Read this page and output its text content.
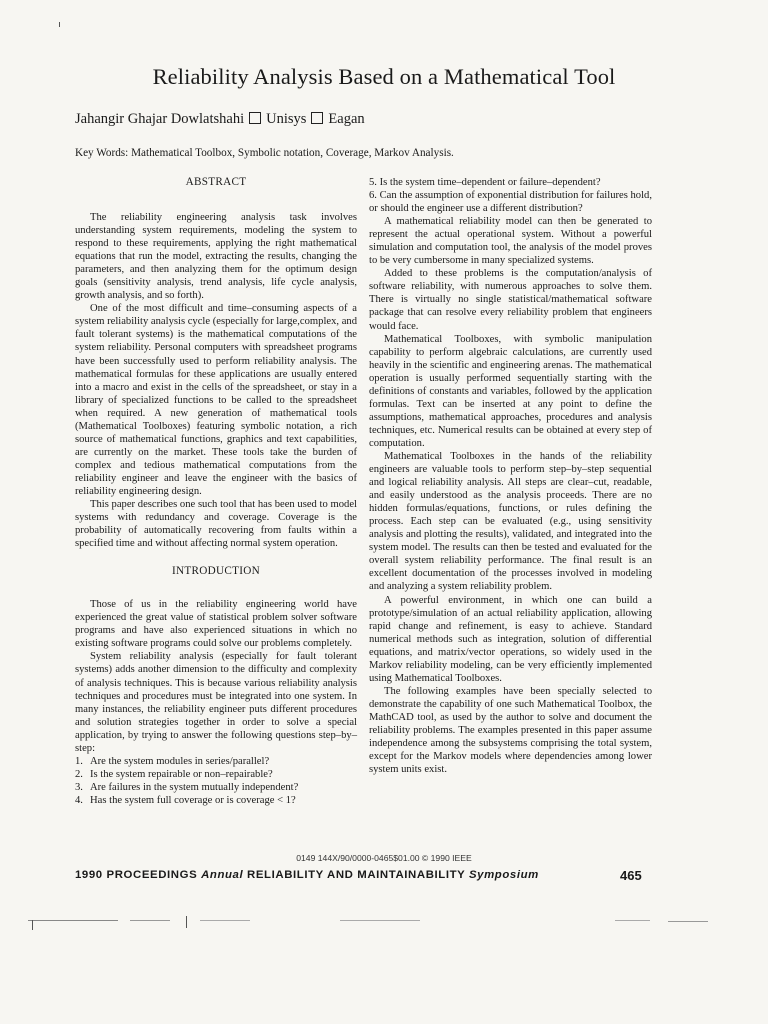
Reliability Analysis Based on a Mathematical Tool
Jahangir Ghajar Dowlatshahi Unisys Eagan
Key Words: Mathematical Toolbox, Symbolic notation, Coverage, Markov Analysis.
ABSTRACT

The reliability engineering analysis task involves understanding system requirements, modeling the system to respond to these requirements, applying the right mathematical equations that run the model, extracting the results, changing the parameters, and then analyzing them for the optimum design goals (sensitivity analysis, trend analysis, life cycle analysis, growth analysis, and so forth).

One of the most difficult and time–consuming aspects of a system reliability analysis cycle (especially for large,complex, and fault tolerant systems) is the mathematical computations of the system reliability. Personal computers with spreadsheet programs have been successfully used to perform reliability analysis. The mathematical formulas for these applications are usually entered into a macro and exist in the cells of the spreadsheet, or stay in a library of specialized functions to be called to the spreadsheet when required. A new generation of mathematical tools (Mathematical Toolboxes) featuring symbolic notation, a rich source of mathematical functions, graphics and text capabilities, are currently on the market. These tools take the burden of complex and tedious mathematical computations from the reliability engineer and leave the engineer with the basics of reliability engineering design.

This paper describes one such tool that has been used to model systems with redundancy and coverage. Coverage is the probability of automatically recovering from faults within a specified time and without affecting normal system operation.

INTRODUCTION

Those of us in the reliability engineering world have experienced the great value of statistical problem solver software programs and have also experienced situations in which no existing software programs could solve our problems completely.

System reliability analysis (especially for fault tolerant systems) adds another dimension to the difficulty and complexity of analysis techniques. This is because various reliability analysis techniques and procedures must be integrated into one system. In many instances, the reliability engineer puts different procedures and solution strategies together in order to solve a special application, by trying to answer the following questions step–by–step:

1. Are the system modules in series/parallel?
2. Is the system repairable or non–repairable?
3. Are failures in the system mutually independent?
4. Has the system full coverage or is coverage < 1?

5. Is the system time–dependent or failure–dependent?

6. Can the assumption of exponential distribution for failures hold, or should the engineer use a different distribution?

A mathematical reliability model can then be generated to represent the actual operational system. Without a powerful simulation and computation tool, the analysis of the model proves to be very cumbersome in many specialized systems.

Added to these problems is the computation/analysis of software reliability, with numerous approaches to solve them. There is virtually no single statistical/mathematical software package that can resolve every reliability problem that engineers would face.

Mathematical Toolboxes, with symbolic manipulation capability to perform algebraic calculations, are currently used heavily in the scientific and engineering arenas. The mathematical operation is usually performed sequentially starting with the definitions of constants and variables, followed by the application formulas. Text can be inserted at any point to define the assumptions, mathematical approaches, procedures and analysis techniques, etc. Numerical results can be obtained at every step of computation.

Mathematical Toolboxes in the hands of the reliability engineers are valuable tools to perform step–by–step sequential and logical reliability analysis. All steps are clear–cut, readable, and easily understood as the analysis proceeds. There are no hidden formulas/equations, functions, or rules defining the process. Each step can be evaluated (e.g., using sensitivity analysis and plotting the results), validated, and integrated into the system model. The results can then be tested and evaluated for the overall system reliability performance. The final result is an excellent documentation of the processes involved in modeling and analyzing a system reliability problem.

A powerful environment, in which one can build a prototype/simulation of an actual reliability application, allowing rapid change and refinement, is easy to achieve. Standard numerical methods such as integration, solution of differential equations, and matrix/vector operations, so widely used in the Markov reliability modeling, can be very efficiently implemented using Mathematical Toolboxes.

The following examples have been specially selected to demonstrate the capability of one such Mathematical Toolbox, the MathCAD tool, as used by the author to solve and document the reliability problems. The examples presented in this paper assume independence among the subsystems comprising the total system, except for the Markov models where dependencies among lower system units exist.

0149 144X/90/0000-0465$01.00 © 1990 IEEE
1990 PROCEEDINGS Annual RELIABILITY AND MAINTAINABILITY Symposium	465
